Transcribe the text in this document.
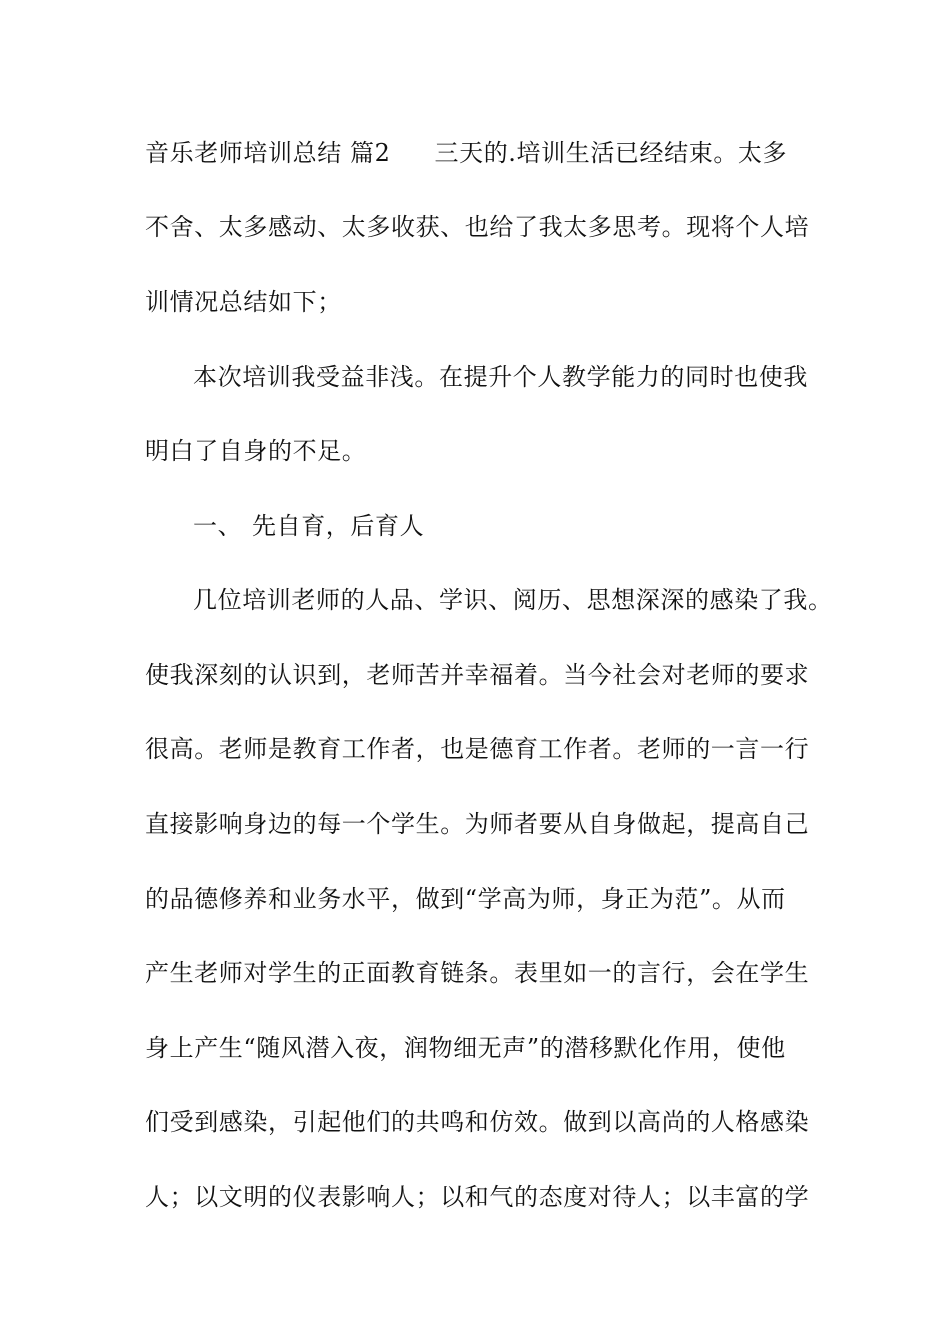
音乐老师培训总结 篇2 三天的.培训生活已经结束。太多
不舍、太多感动、太多收获、也给了我太多思考。现将个人培
训情况总结如下；
本次培训我受益非浅。在提升个人教学能力的同时也使我
明白了自身的不足。
一、 先自育，后育人
几位培训老师的人品、学识、阅历、思想深深的感染了我。
使我深刻的认识到，老师苦并幸福着。当今社会对老师的要求
很高。老师是教育工作者，也是德育工作者。老师的一言一行
直接影响身边的每一个学生。为师者要从自身做起，提高自己
的品德修养和业务水平，做到“学高为师，身正为范”。从而
产生老师对学生的正面教育链条。表里如一的言行，会在学生
身上产生“随风潜入夜，润物细无声”的潜移默化作用，使他
们受到感染，引起他们的共鸣和仿效。做到以高尚的人格感染
人；以文明的仪表影响人；以和气的态度对待人；以丰富的学
